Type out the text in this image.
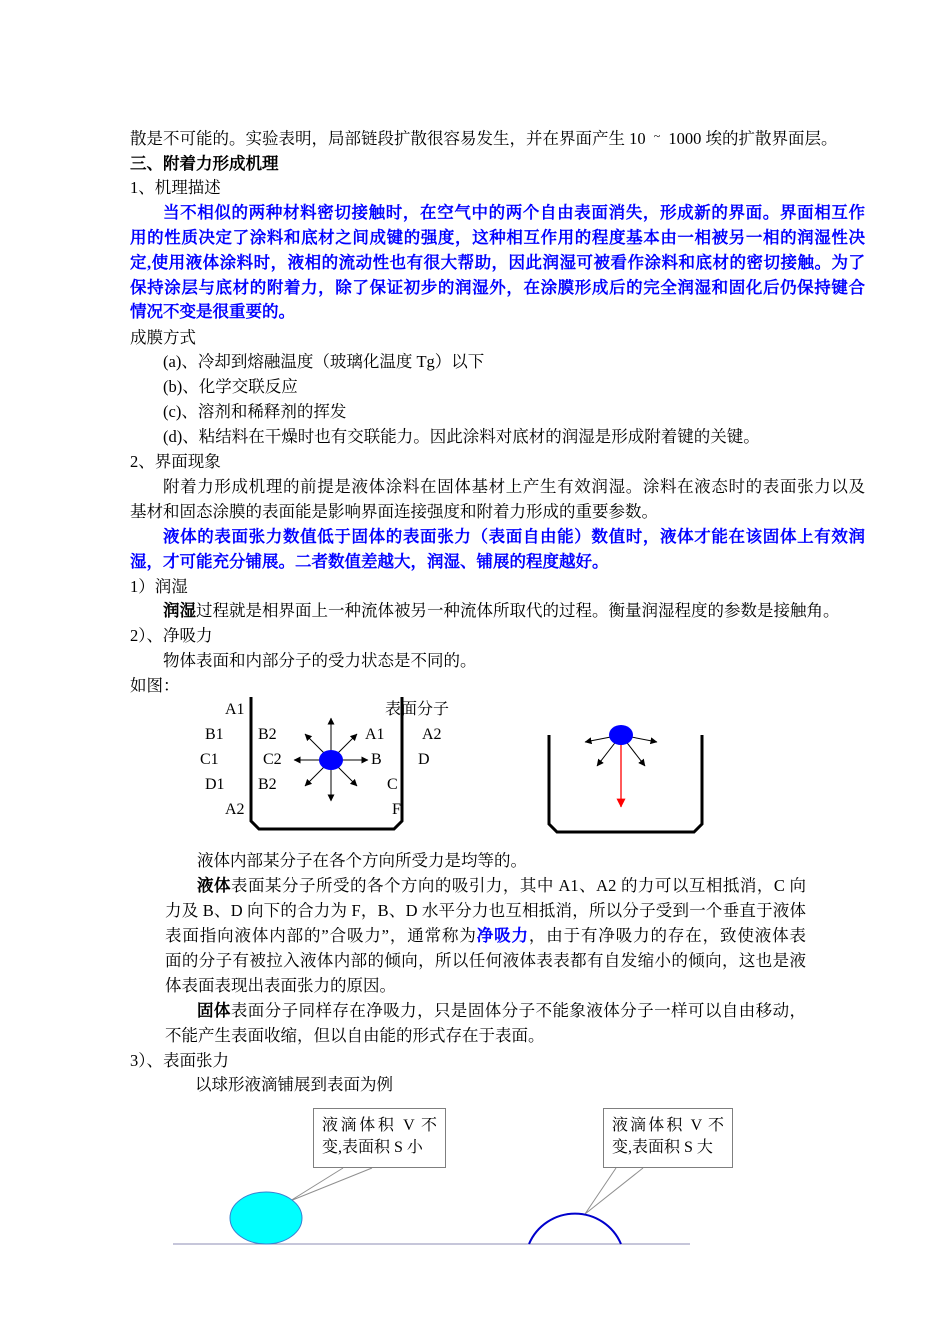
散是不可能的。实验表明，局部链段扩散很容易发生，并在界面产生 10 ~ 1000 埃的扩散界面层。
三、附着力形成机理
1、机理描述
当不相似的两种材料密切接触时，在空气中的两个自由表面消失，形成新的界面。界面相互作
用的性质决定了涂料和底材之间成键的强度，这种相互作用的程度基本由一相被另一相的润湿性决
定,使用液体涂料时，液相的流动性也有很大帮助，因此润湿可被看作涂料和底材的密切接触。为了
保持涂层与底材的附着力，除了保证初步的润湿外，在涂膜形成后的完全润湿和固化后仍保持键合
情况不变是很重要的。
成膜方式
(a)、冷却到熔融温度（玻璃化温度 Tg）以下
(b)、化学交联反应
(c)、溶剂和稀释剂的挥发
(d)、粘结料在干燥时也有交联能力。因此涂料对底材的润湿是形成附着键的关键。
2、界面现象
附着力形成机理的前提是液体涂料在固体基材上产生有效润湿。涂料在液态时的表面张力以及
基材和固态涂膜的表面能是影响界面连接强度和附着力形成的重要参数。
液体的表面张力数值低于固体的表面张力（表面自由能）数值时，液体才能在该固体上有效润
湿，才可能充分铺展。二者数值差越大，润湿、铺展的程度越好。
1）润湿
润湿过程就是相界面上一种流体被另一种流体所取代的过程。衡量润湿程度的参数是接触角。
2）、净吸力
物体表面和内部分子的受力状态是不同的。
如图：
A1	表面分子
B1 B2	A1 A2
C1	C2	B D
D1 B2	C
A2	F
液体内部某分子在各个方向所受力是均等的。
液体表面某分子所受的各个方向的吸引力，其中 A1、A2 的力可以互相抵消，C 向
力及 B、D 向下的合力为 F，B、D 水平分力也互相抵消，所以分子受到一个垂直于液体
表面指向液体内部的”合吸力”，通常称为净吸力，由于有净吸力的存在，致使液体表
面的分子有被拉入液体内部的倾向，所以任何液体表表都有自发缩小的倾向，这也是液
体表面表现出表面张力的原因。
固体表面分子同样存在净吸力，只是固体分子不能象液体分子一样可以自由移动，
不能产生表面收缩，但以自由能的形式存在于表面。
3）、表面张力
以球形液滴铺展到表面为例
液滴体积 V 不
变,表面积 S 小
液滴体积 V 不
变,表面积 S 大
